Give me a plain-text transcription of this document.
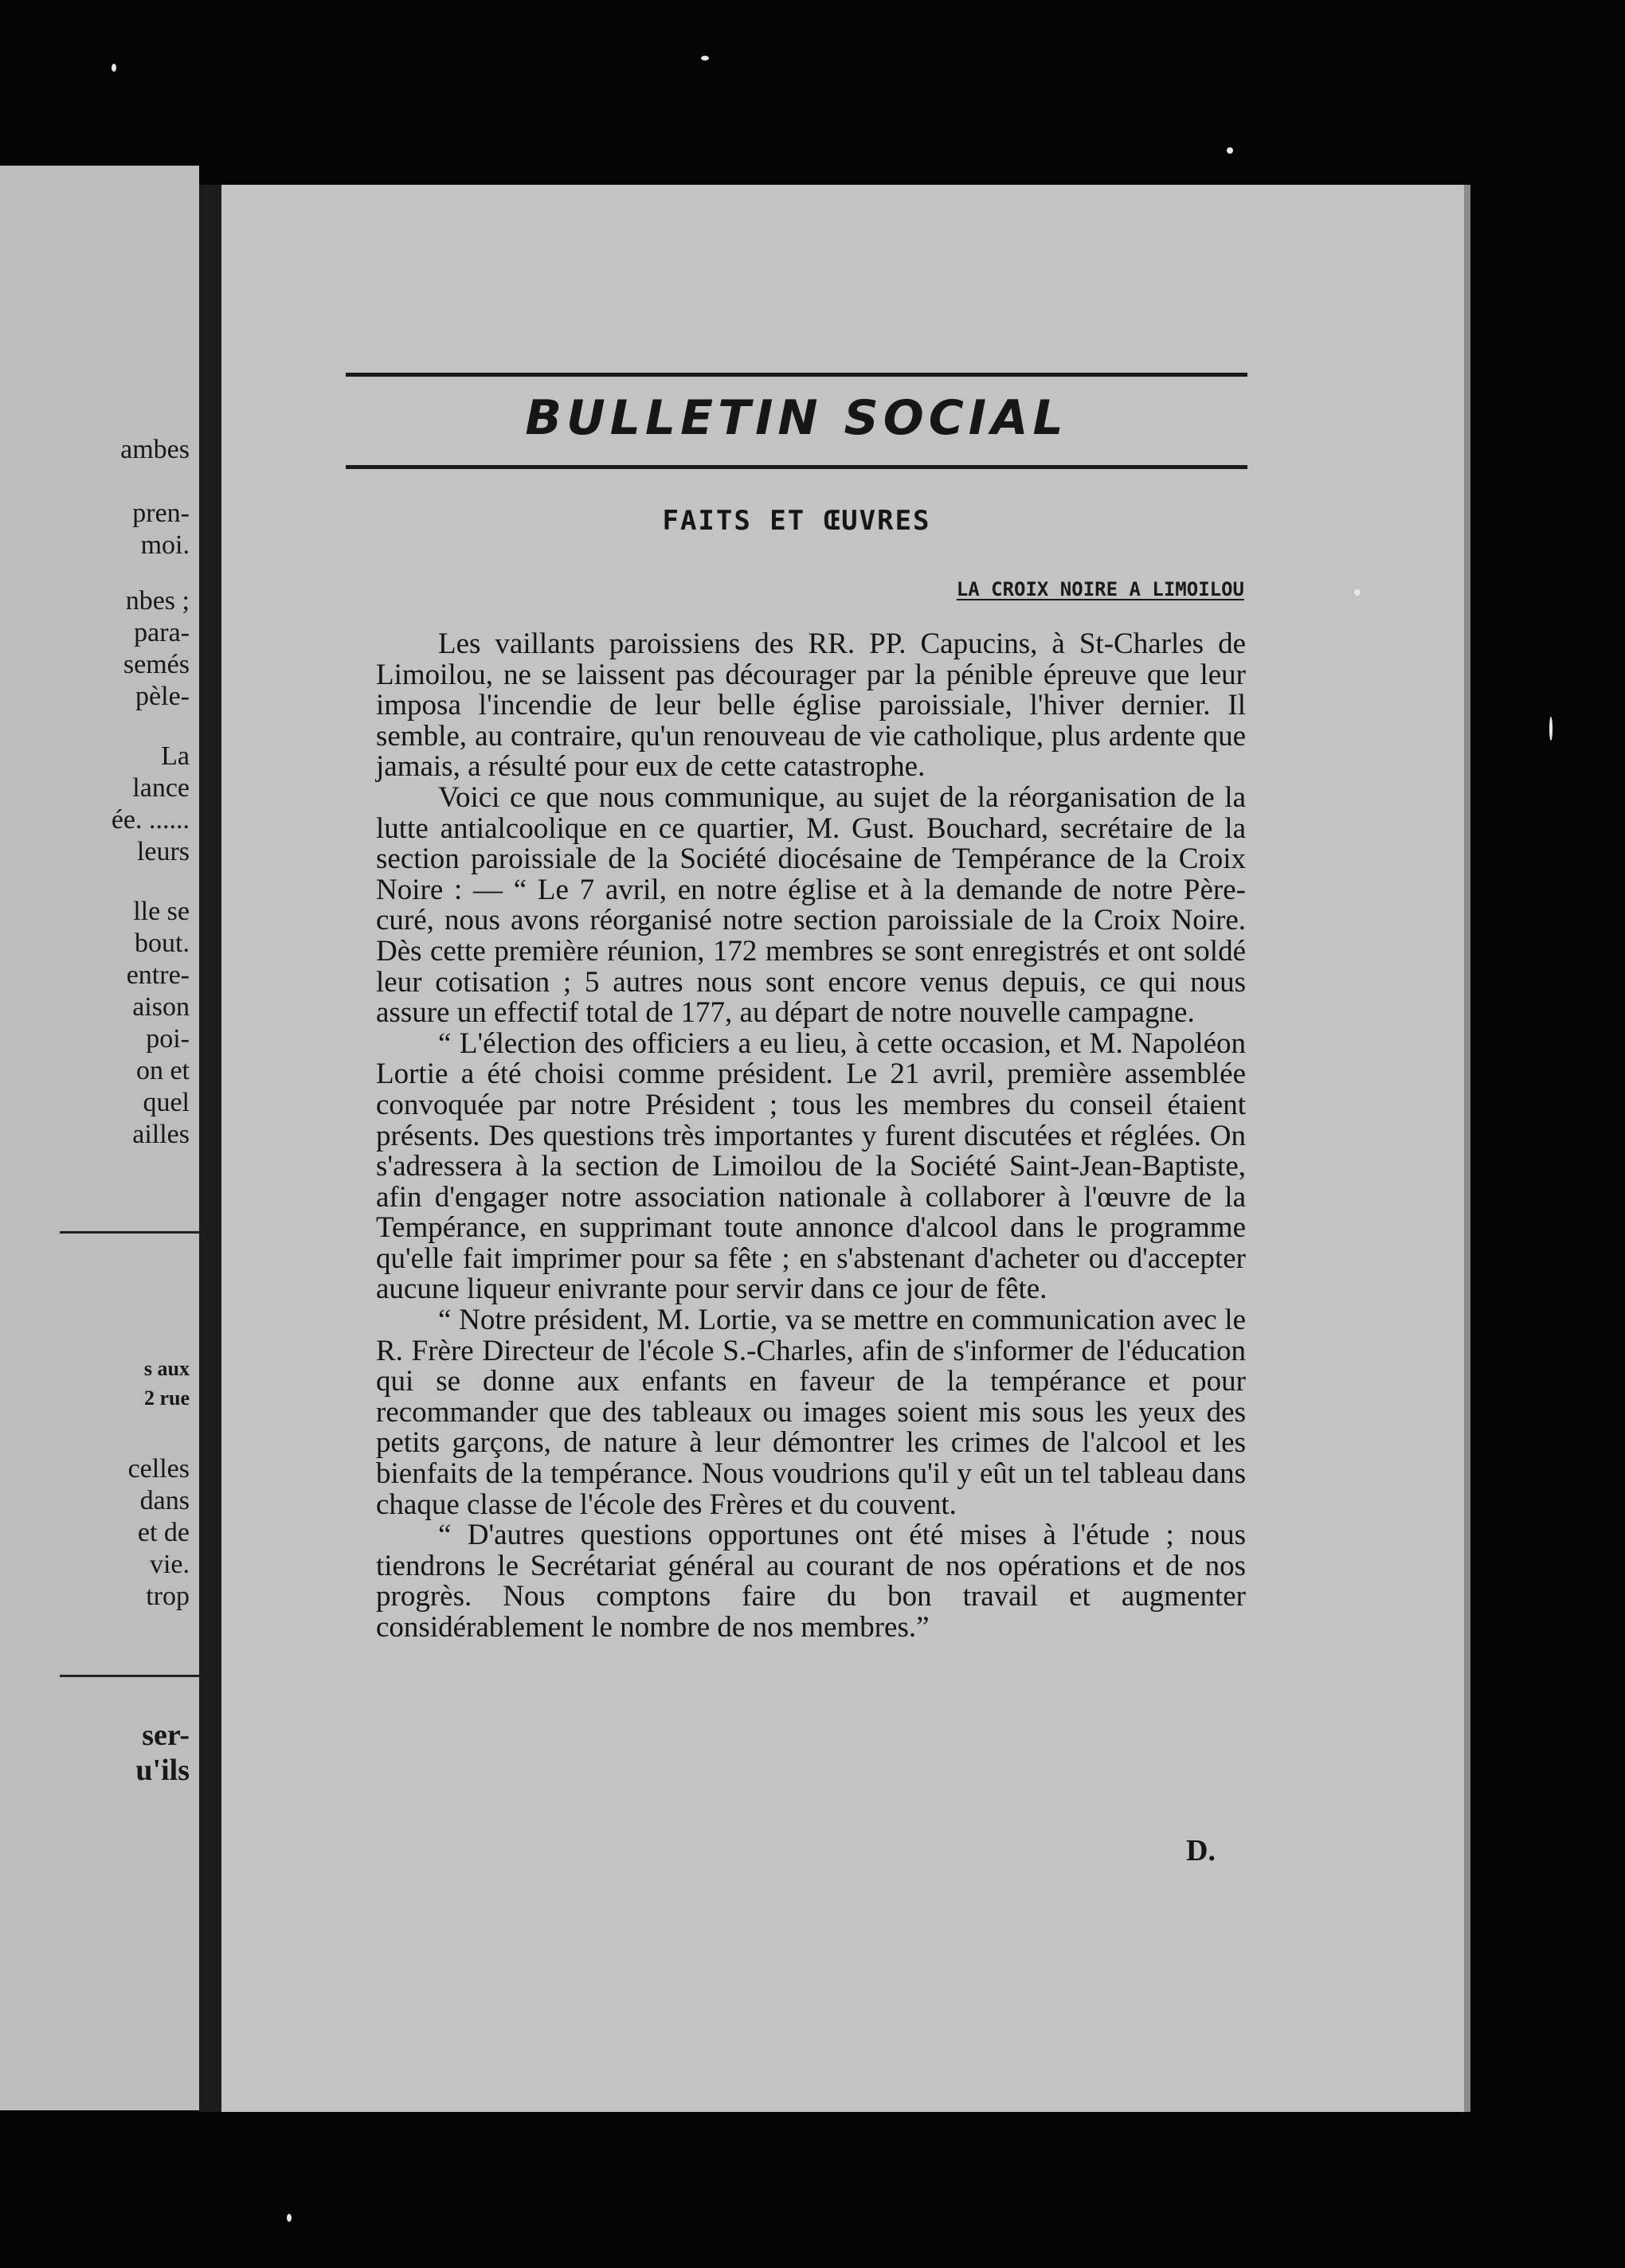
ambes
pren-
moi.
nbes ;
para-
semés
pèle-
La
lance
ée. ......
leurs
lle se
bout.
entre-
aison
poi-
on et
quel
ailles
s aux
2 rue
celles
dans
et de
vie.
trop
ser-
u'ils
BULLETIN SOCIAL
FAITS ET ŒUVRES
LA CROIX NOIRE A LIMOILOU

Les vaillants paroissiens des RR. PP. Capucins, à St-Charles de Limoilou, ne se laissent pas décourager par la pénible épreuve que leur imposa l'incendie de leur belle église paroissiale, l'hiver dernier. Il semble, au contraire, qu'un renouveau de vie catholique, plus ardente que jamais, a résulté pour eux de cette catastrophe.

Voici ce que nous communique, au sujet de la réorganisation de la lutte antialcoolique en ce quartier, M. Gust. Bouchard, secrétaire de la section paroissiale de la Société diocésaine de Tempérance de la Croix Noire : — “ Le 7 avril, en notre église et à la demande de notre Père-curé, nous avons réorganisé notre section paroissiale de la Croix Noire. Dès cette première réunion, 172 membres se sont enregistrés et ont soldé leur cotisation ; 5 autres nous sont encore venus depuis, ce qui nous assure un effectif total de 177, au départ de notre nouvelle campagne.

“ L'élection des officiers a eu lieu, à cette occasion, et M. Napoléon Lortie a été choisi comme président. Le 21 avril, première assemblée convoquée par notre Président ; tous les membres du conseil étaient présents. Des questions très importantes y furent discutées et réglées. On s'adressera à la section de Limoilou de la Société Saint-Jean-Baptiste, afin d'engager notre association nationale à collaborer à l'œuvre de la Tempérance, en supprimant toute annonce d'alcool dans le programme qu'elle fait imprimer pour sa fête ; en s'abstenant d'acheter ou d'accepter aucune liqueur enivrante pour servir dans ce jour de fête.

“ Notre président, M. Lortie, va se mettre en communication avec le R. Frère Directeur de l'école S.-Charles, afin de s'informer de l'éducation qui se donne aux enfants en faveur de la tempérance et pour recommander que des tableaux ou images soient mis sous les yeux des petits garçons, de nature à leur démontrer les crimes de l'alcool et les bienfaits de la tempérance. Nous voudrions qu'il y eût un tel tableau dans chaque classe de l'école des Frères et du couvent.

“ D'autres questions opportunes ont été mises à l'étude ; nous tiendrons le Secrétariat général au courant de nos opérations et de nos progrès. Nous comptons faire du bon travail et augmenter considérablement le nombre de nos membres.”

D.
